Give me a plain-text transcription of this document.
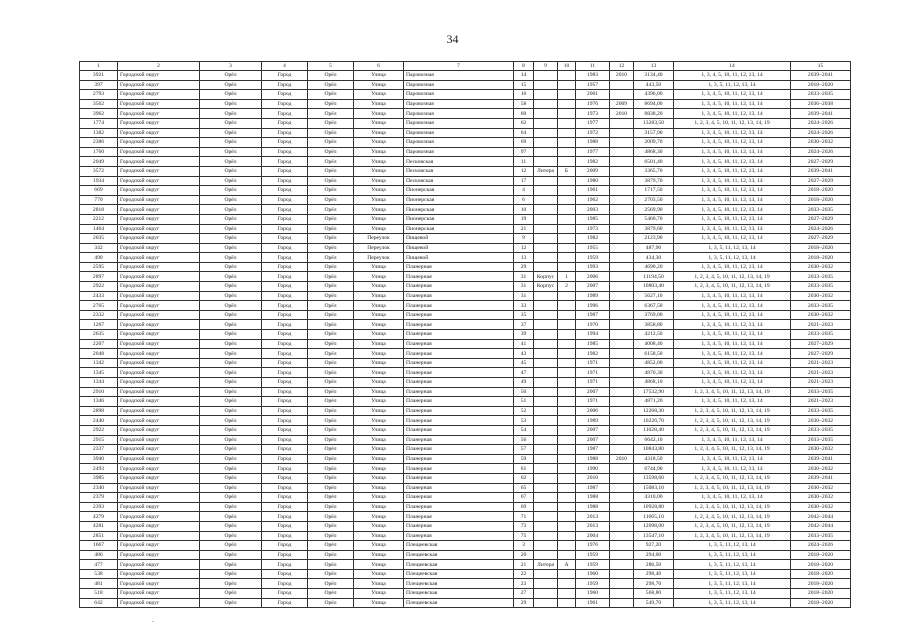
34
1	2	3	4	5	6	7	8	9	10	11	12	13	14	15
3921	Городской округ	Орёл	Город	Орёл	Улица	Паровозная	14			1983	2010	3134,40	1, 3, 4, 5, 10, 11, 12, 13, 14	2039–2041
397	Городской округ	Орёл	Город	Орёл	Улица	Паровозная	15			1957		443,50	1, 3, 5, 11, 12, 13, 14	2018–2020
2793	Городской округ	Орёл	Город	Орёл	Улица	Паровозная	16			2001		4396,00	1, 3, 4, 5, 10, 11, 12, 13, 14	2033–2035
3562	Городской округ	Орёл	Город	Орёл	Улица	Паровозная	58			1976	2009	8694,00	1, 3, 4, 5, 10, 11, 12, 13, 14	2036–2038
3962	Городской округ	Орёл	Город	Орёл	Улица	Паровозная	60			1973	2010	8838,20	1, 3, 4, 5, 10, 11, 12, 13, 14	2039–2041
1774	Городской округ	Орёл	Город	Орёл	Улица	Паровозная	62			1977		13283,50	1, 2, 3, 4, 5, 10, 11, 12, 13, 14, 19	2024–2026
1382	Городской округ	Орёл	Город	Орёл	Улица	Паровозная	64			1972		3157,90	1, 3, 4, 5, 10, 11, 12, 13, 14	2024–2026
2386	Городской округ	Орёл	Город	Орёл	Улица	Паровозная	69			1988		2009,70	1, 3, 4, 5, 10, 11, 12, 13, 14	2030–2032
1760	Городской округ	Орёл	Город	Орёл	Улица	Паровозная	97			1977		4868,30	1, 3, 4, 5, 10, 11, 12, 13, 14	2024–2026
2049	Городской округ	Орёл	Город	Орёл	Улица	Песковская	11			1982		6501,40	1, 3, 4, 5, 10, 11, 12, 13, 14	2027–2029
3572	Городской округ	Орёл	Город	Орёл	Улица	Песковская	12	Литера	Б	2009		3365,70	1, 3, 4, 5, 10, 11, 12, 13, 14	2039–2041
1934	Городской округ	Орёл	Город	Орёл	Улица	Песковская	17			1980		3879,70	1, 3, 4, 5, 10, 11, 12, 13, 14	2027–2029
669	Городской округ	Орёл	Город	Орёл	Улица	Пионерская	4			1961		1717,50	1, 3, 4, 5, 10, 11, 12, 13, 14	2018–2020
770	Городской округ	Орёл	Город	Орёл	Улица	Пионерская	6			1962		2703,50	1, 3, 4, 5, 10, 11, 12, 13, 14	2018–2020
2818	Городской округ	Орёл	Город	Орёл	Улица	Пионерская	10			2003		2569,90	1, 3, 4, 5, 10, 11, 12, 13, 14	2033–2035
2212	Городской округ	Орёл	Город	Орёл	Улица	Пионерская	19			1985		5460,70	1, 3, 4, 5, 10, 11, 12, 13, 14	2027–2029
1464	Городской округ	Орёл	Город	Орёл	Улица	Пионерская	21			1973		3879,60	1, 3, 4, 5, 10, 11, 12, 13, 14	2024–2026
2035	Городской округ	Орёл	Город	Орёл	Переулок	Пищевой	9			1982		2123,90	1, 3, 4, 5, 10, 11, 12, 13, 14	2027–2029
342	Городской округ	Орёл	Город	Орёл	Переулок	Пищевой	12			1955		487,90	1, 3, 5, 11, 12, 13, 14	2018–2020
490	Городской округ	Орёл	Город	Орёл	Переулок	Пищевой	13			1959		434,30	1, 3, 5, 11, 12, 13, 14	2018–2020
2595	Городской округ	Орёл	Город	Орёл	Улица	Планерная	29			1993		4690,20	1, 3, 4, 5, 10, 11, 12, 13, 14	2030–2032
2897	Городской округ	Орёл	Город	Орёл	Улица	Планерная	31	Корпус	1	2006		11194,50	1, 2, 3, 4, 5, 10, 11, 12, 13, 14, 19	2033–2035
2922	Городской округ	Орёл	Город	Орёл	Улица	Планерная	31	Корпус	2	2007		10803,40	1, 2, 3, 4, 5, 10, 11, 12, 13, 14, 19	2033–2035
2433	Городской округ	Орёл	Город	Орёл	Улица	Планерная	31			1989		5627,10	1, 3, 4, 5, 10, 11, 12, 13, 14	2030–2032
2765	Городской округ	Орёл	Город	Орёл	Улица	Планерная	33			1996		6367,50	1, 3, 4, 5, 10, 11, 12, 13, 14	2033–2035
2332	Городской округ	Орёл	Город	Орёл	Улица	Планерная	35			1987		3769,00	1, 3, 4, 5, 10, 11, 12, 13, 14	2030–2032
1267	Городской округ	Орёл	Город	Орёл	Улица	Планерная	37			1970		3858,80	1, 3, 4, 5, 10, 11, 12, 13, 14	2021–2023
2635	Городской округ	Орёл	Город	Орёл	Улица	Планерная	39			1994		4212,50	1, 3, 4, 5, 10, 11, 12, 13, 14	2033–2035
2207	Городской округ	Орёл	Город	Орёл	Улица	Планерная	41			1985		4008,40	1, 3, 4, 5, 10, 11, 12, 13, 14	2027–2029
2048	Городской округ	Орёл	Город	Орёл	Улица	Планерная	43			1982		6158,50	1, 3, 4, 5, 10, 11, 12, 13, 14	2027–2029
1342	Городской округ	Орёл	Город	Орёл	Улица	Планерная	45			1971		4852,00	1, 3, 4, 5, 10, 11, 12, 13, 14	2021–2023
1345	Городской округ	Орёл	Город	Орёл	Улица	Планерная	47			1971		4870,30	1, 3, 4, 5, 10, 11, 12, 13, 14	2021–2023
1344	Городской округ	Орёл	Город	Орёл	Улица	Планерная	49			1971		4868,10	1, 3, 4, 5, 10, 11, 12, 13, 14	2021–2023
2910	Городской округ	Орёл	Город	Орёл	Улица	Планерная	50			2007		17532,90	1, 2, 3, 4, 5, 10, 11, 12, 13, 14, 19	2033–2035
1346	Городской округ	Орёл	Город	Орёл	Улица	Планерная	51			1971		4871,20	1, 3, 4, 5, 10, 11, 12, 13, 14	2021–2023
2898	Городской округ	Орёл	Город	Орёл	Улица	Планерная	52			2006		12268,30	1, 2, 3, 4, 5, 10, 11, 12, 13, 14, 19	2033–2035
2440	Городской округ	Орёл	Город	Орёл	Улица	Планерная	53			1989		10226,70	1, 2, 3, 4, 5, 10, 11, 12, 13, 14, 19	2030–2032
2922	Городской округ	Орёл	Город	Орёл	Улица	Планерная	54			2007		11028,40	1, 2, 3, 4, 5, 10, 11, 12, 13, 14, 19	2033–2035
2915	Городской округ	Орёл	Город	Орёл	Улица	Планерная	56			2007		6642,10	1, 3, 4, 5, 10, 11, 12, 13, 14	2033–2035
2337	Городской округ	Орёл	Город	Орёл	Улица	Планерная	57			1987		10843,80	1, 2, 3, 4, 5, 10, 11, 12, 13, 14, 19	2030–2032
3940	Городской округ	Орёл	Город	Орёл	Улица	Планерная	59			1988	2010	4318,50	1, 3, 4, 5, 10, 11, 12, 13, 14	2039–2041
2493	Городской округ	Орёл	Город	Орёл	Улица	Планерная	61			1990		6744,90	1, 3, 4, 5, 10, 11, 12, 13, 14	2030–2032
3985	Городской округ	Орёл	Город	Орёл	Улица	Планерная	62			2010		13598,60	1, 2, 3, 4, 5, 10, 11, 12, 13, 14, 19	2039–2041
2340	Городской округ	Орёл	Город	Орёл	Улица	Планерная	65			1987		15083,10	1, 2, 3, 4, 5, 10, 11, 12, 13, 14, 19	2030–2032
2379	Городской округ	Орёл	Город	Орёл	Улица	Планерная	67			1988		4310,00	1, 3, 4, 5, 10, 11, 12, 13, 14	2030–2032
2393	Городской округ	Орёл	Город	Орёл	Улица	Планерная	69			1988		10928,80	1, 2, 3, 4, 5, 10, 11, 12, 13, 14, 19	2030–2032
4279	Городской округ	Орёл	Город	Орёл	Улица	Планерная	71			2013		11665,10	1, 2, 3, 4, 5, 10, 11, 12, 13, 14, 19	2042–2044
4281	Городской округ	Орёл	Город	Орёл	Улица	Планерная	73			2013		12098,00	1, 2, 3, 4, 5, 10, 11, 12, 13, 14, 19	2042–2044
2851	Городской округ	Орёл	Город	Орёл	Улица	Планерная	75			2004		13547,10	1, 2, 3, 4, 5, 10, 11, 12, 13, 14, 19	2033–2035
1667	Городской округ	Орёл	Город	Орёл	Улица	Плещеевская	3			1976		927,20	1, 3, 5, 11, 12, 13, 14	2024–2026
486	Городской округ	Орёл	Город	Орёл	Улица	Плещеевская	20			1959		294,00	1, 3, 5, 11, 12, 13, 14	2018–2020
477	Городской округ	Орёл	Город	Орёл	Улица	Плещеевская	21	Литера	А	1959		286,50	1, 3, 5, 11, 12, 13, 14	2018–2020
538	Городской округ	Орёл	Город	Орёл	Улица	Плещеевская	22			1960		298,40	1, 3, 5, 11, 12, 13, 14	2018–2020
481	Городской округ	Орёл	Город	Орёл	Улица	Плещеевская	23			1959		298,70	1, 3, 5, 11, 12, 13, 14	2018–2020
518	Городской округ	Орёл	Город	Орёл	Улица	Плещеевская	27			1960		568,80	1, 3, 5, 11, 12, 13, 14	2018–2020
642	Городской округ	Орёл	Город	Орёл	Улица	Плещеевская	29			1961		549,70	1, 3, 5, 11, 12, 13, 14	2018–2020
-
